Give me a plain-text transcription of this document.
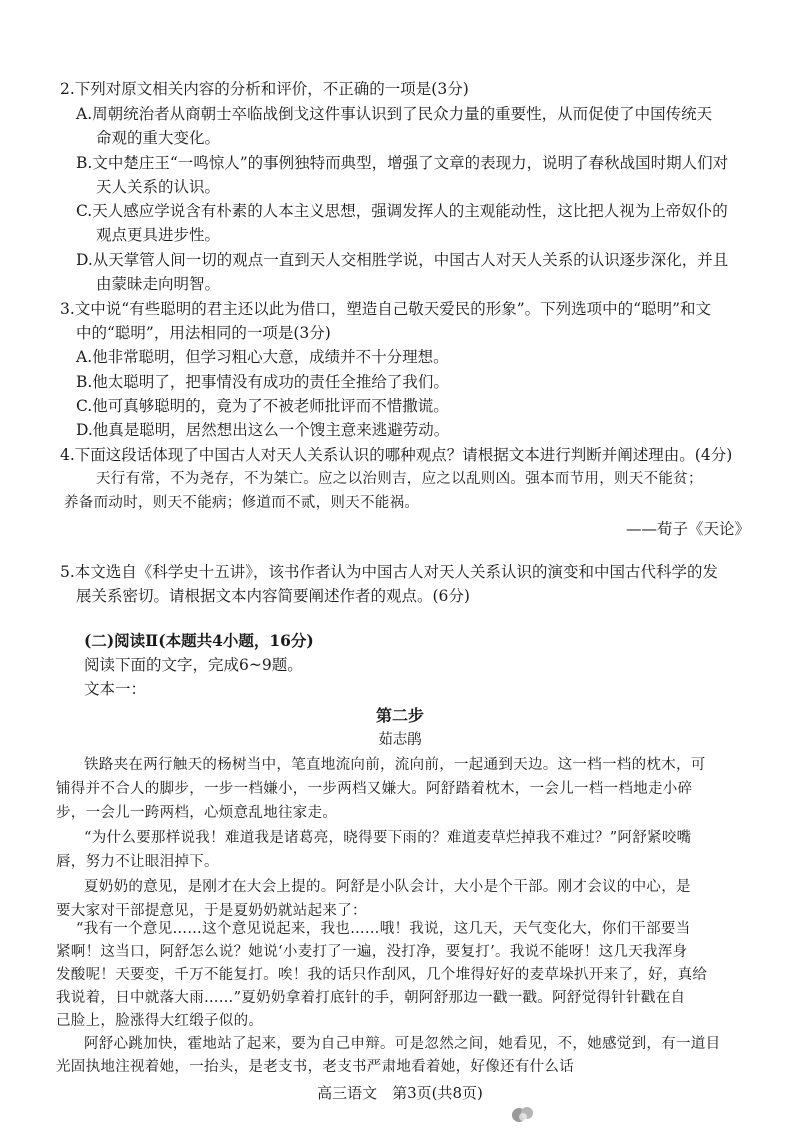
2.下列对原文相关内容的分析和评价，不正确的一项是(3分)
A.周朝统治者从商朝士卒临战倒戈这件事认识到了民众力量的重要性，从而促使了中国传统天
命观的重大变化。
B.文中楚庄王“一鸣惊人”的事例独特而典型，增强了文章的表现力，说明了春秋战国时期人们对
天人关系的认识。
C.天人感应学说含有朴素的人本主义思想，强调发挥人的主观能动性，这比把人视为上帝奴仆的
观点更具进步性。
D.从天掌管人间一切的观点一直到天人交相胜学说，中国古人对天人关系的认识逐步深化，并且
由蒙昧走向明智。
3.文中说“有些聪明的君主还以此为借口，塑造自己敬天爱民的形象”。下列选项中的“聪明”和文
中的“聪明”，用法相同的一项是(3分)
A.他非常聪明，但学习粗心大意，成绩并不十分理想。
B.他太聪明了，把事情没有成功的责任全推给了我们。
C.他可真够聪明的，竟为了不被老师批评而不惜撒谎。
D.他真是聪明，居然想出这么一个馊主意来逃避劳动。
4.下面这段话体现了中国古人对天人关系认识的哪种观点？请根据文本进行判断并阐述理由。(4分)
天行有常，不为尧存，不为桀亡。应之以治则吉，应之以乱则凶。强本而节用，则天不能贫；
养备而动时，则天不能病；修道而不贰，则天不能祸。
——荀子《天论》
5.本文选自《科学史十五讲》，该书作者认为中国古人对天人关系认识的演变和中国古代科学的发
展关系密切。请根据文本内容简要阐述作者的观点。(6分)
(二)阅读Ⅱ(本题共4小题，16分)
阅读下面的文字，完成6~9题。
文本一：
第二步
茹志鹃
铁路夹在两行触天的杨树当中，笔直地流向前，流向前，一起通到天边。这一档一档的枕木，可
铺得并不合人的脚步，一步一档嫌小，一步两档又嫌大。阿舒踏着枕木，一会儿一档一档地走小碎
步，一会儿一跨两档，心烦意乱地往家走。
“为什么要那样说我！难道我是诸葛亮，晓得要下雨的？难道麦草烂掉我不难过？”阿舒紧咬嘴
唇，努力不让眼泪掉下。
夏奶奶的意见，是刚才在大会上提的。阿舒是小队会计，大小是个干部。刚才会议的中心，是
要大家对干部提意见，于是夏奶奶就站起来了：
“我有一个意见……这个意见说起来，我也……哦！我说，这几天，天气变化大，你们干部要当
紧啊！这当口，阿舒怎么说？她说‘小麦打了一遍，没打净，要复打’。我说不能呀！这几天我浑身
发酸呢！天要变，千万不能复打。唉！我的话只作刮风，几个堆得好好的麦草垛扒开来了，好，真给
我说着，日中就落大雨……”夏奶奶拿着打底针的手，朝阿舒那边一戳一戳。阿舒觉得针针戳在自
己脸上，脸涨得大红缎子似的。
高三语文　第3页(共8页)
阿舒心跳加快，霍地站了起来，要为自己申辩。可是忽然之间，她看见，不，她感觉到，有一道目
光固执地注视着她，一抬头，是老支书，老支书严肃地看着她，好像还有什么话
